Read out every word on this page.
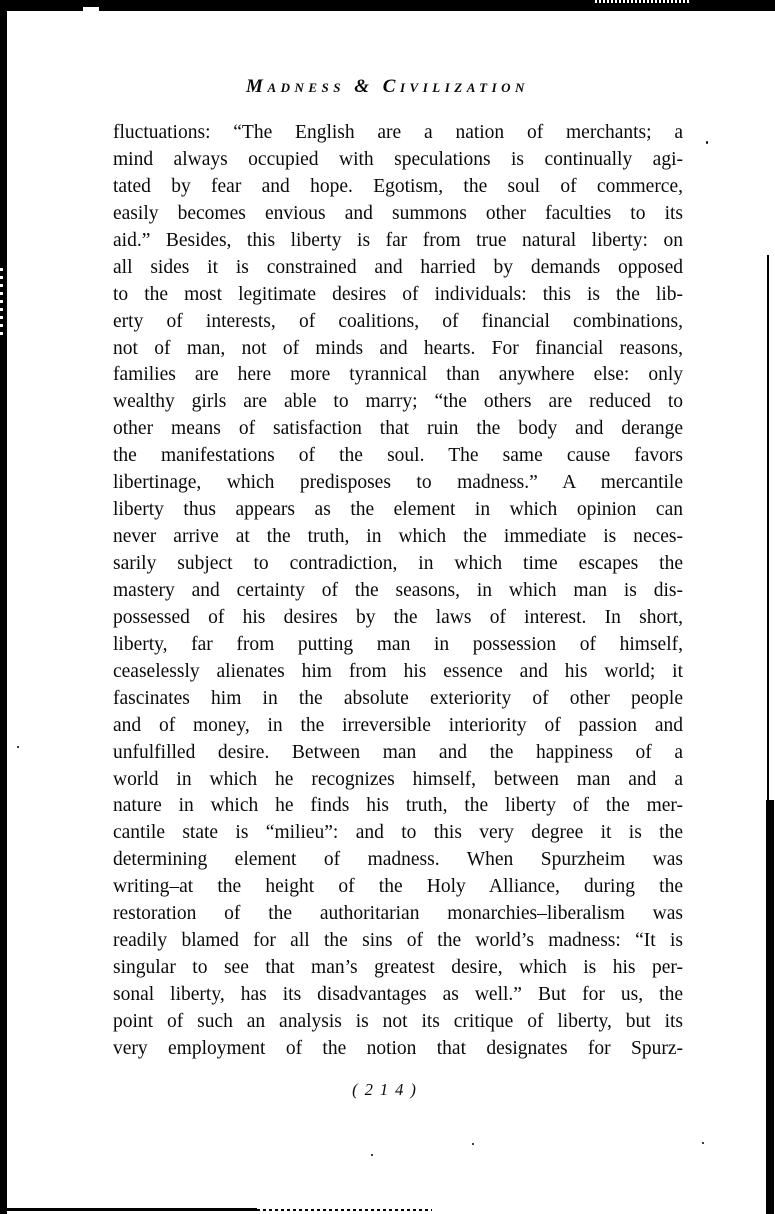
Madness & Civilization
fluctuations: “The English are a nation of merchants; a
mind always occupied with speculations is continually agi-
tated by fear and hope. Egotism, the soul of commerce,
easily becomes envious and summons other faculties to its
aid.” Besides, this liberty is far from true natural liberty: on
all sides it is constrained and harried by demands opposed
to the most legitimate desires of individuals: this is the lib-
erty of interests, of coalitions, of financial combinations,
not of man, not of minds and hearts. For financial reasons,
families are here more tyrannical than anywhere else: only
wealthy girls are able to marry; “the others are reduced to
other means of satisfaction that ruin the body and derange
the manifestations of the soul. The same cause favors
libertinage, which predisposes to madness.” A mercantile
liberty thus appears as the element in which opinion can
never arrive at the truth, in which the immediate is neces-
sarily subject to contradiction, in which time escapes the
mastery and certainty of the seasons, in which man is dis-
possessed of his desires by the laws of interest. In short,
liberty, far from putting man in possession of himself,
ceaselessly alienates him from his essence and his world; it
fascinates him in the absolute exteriority of other people
and of money, in the irreversible interiority of passion and
unfulfilled desire. Between man and the happiness of a
world in which he recognizes himself, between man and a
nature in which he finds his truth, the liberty of the mer-
cantile state is “milieu”: and to this very degree it is the
determining element of madness. When Spurzheim was
writing–at the height of the Holy Alliance, during the
restoration of the authoritarian monarchies–liberalism was
readily blamed for all the sins of the world’s madness: “It is
singular to see that man’s greatest desire, which is his per-
sonal liberty, has its disadvantages as well.” But for us, the
point of such an analysis is not its critique of liberty, but its
very employment of the notion that designates for Spurz-
(214)
